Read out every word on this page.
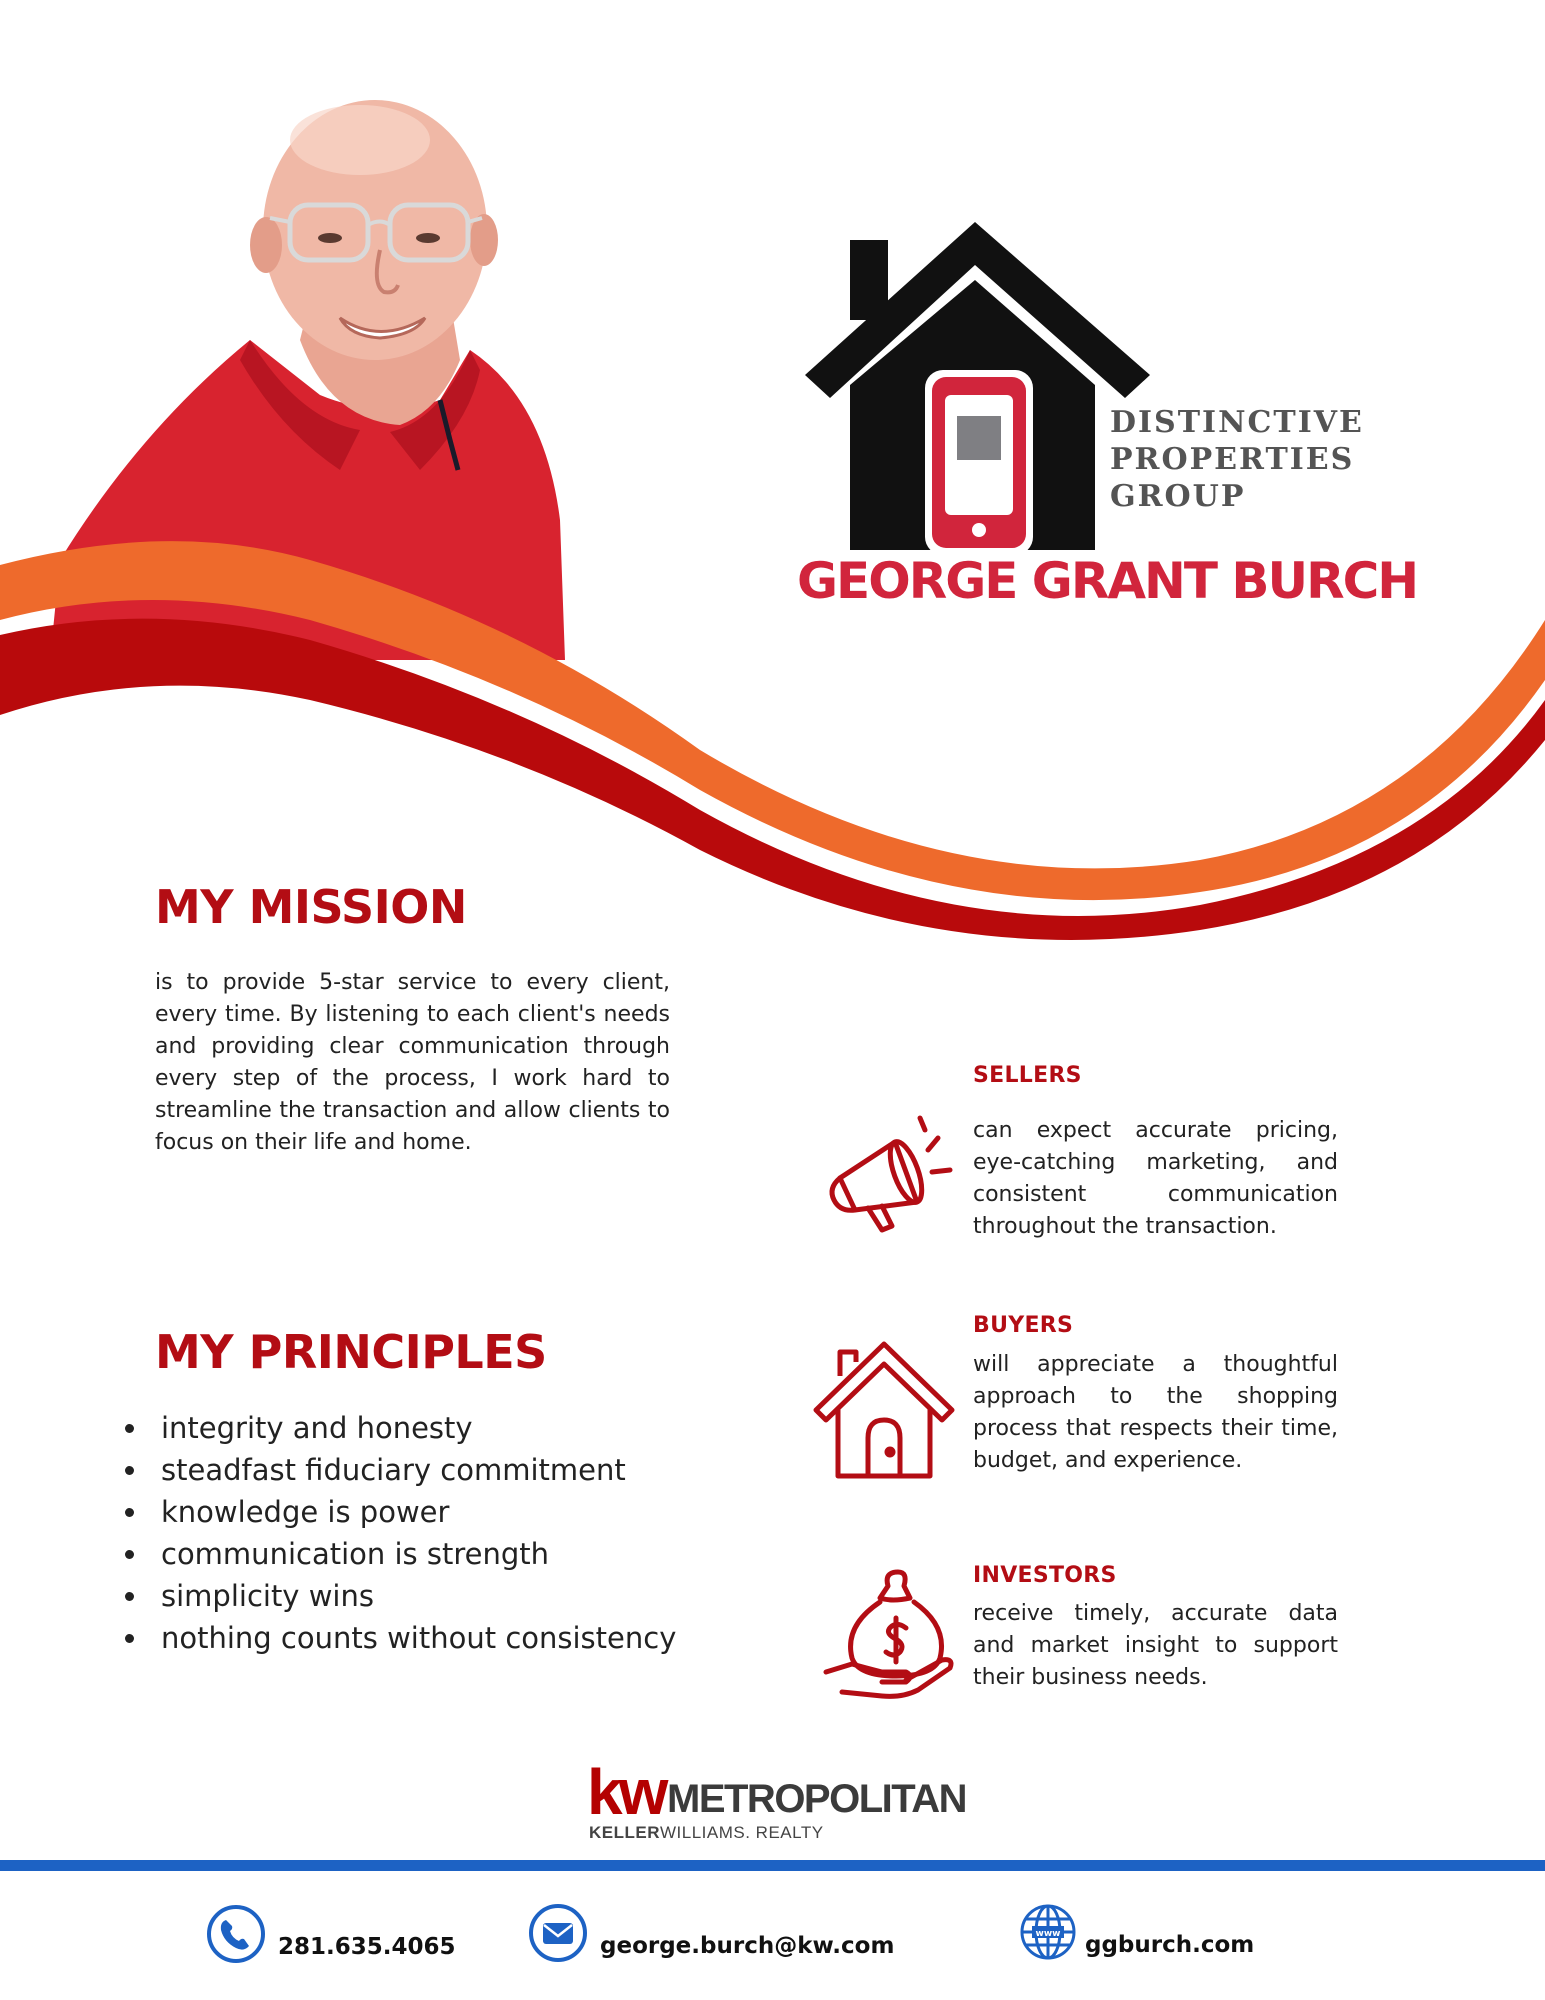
DISTINCTIVE
PROPERTIES
GROUP
GEORGE GRANT BURCH
MY MISSION
is to provide 5-star service to every client, every time. By listening to each client's needs and providing clear communication through every step of the process, I work hard to streamline the transaction and allow clients to focus on their life and home.
MY PRINCIPLES
integrity and honesty
steadfast fiduciary commitment
knowledge is power
communication is strength
simplicity wins
nothing counts without consistency
SELLERS
can expect accurate pricing, eye-catching marketing, and consistent communication throughout the transaction.
BUYERS
will appreciate a thoughtful approach to the shopping process that respects their time, budget, and experience.
INVESTORS
receive timely, accurate data and market insight to support their business needs.
kw METROPOLITAN
KELLERWILLIAMS. REALTY
281.635.4065	george.burch@kw.com	www ggburch.com
